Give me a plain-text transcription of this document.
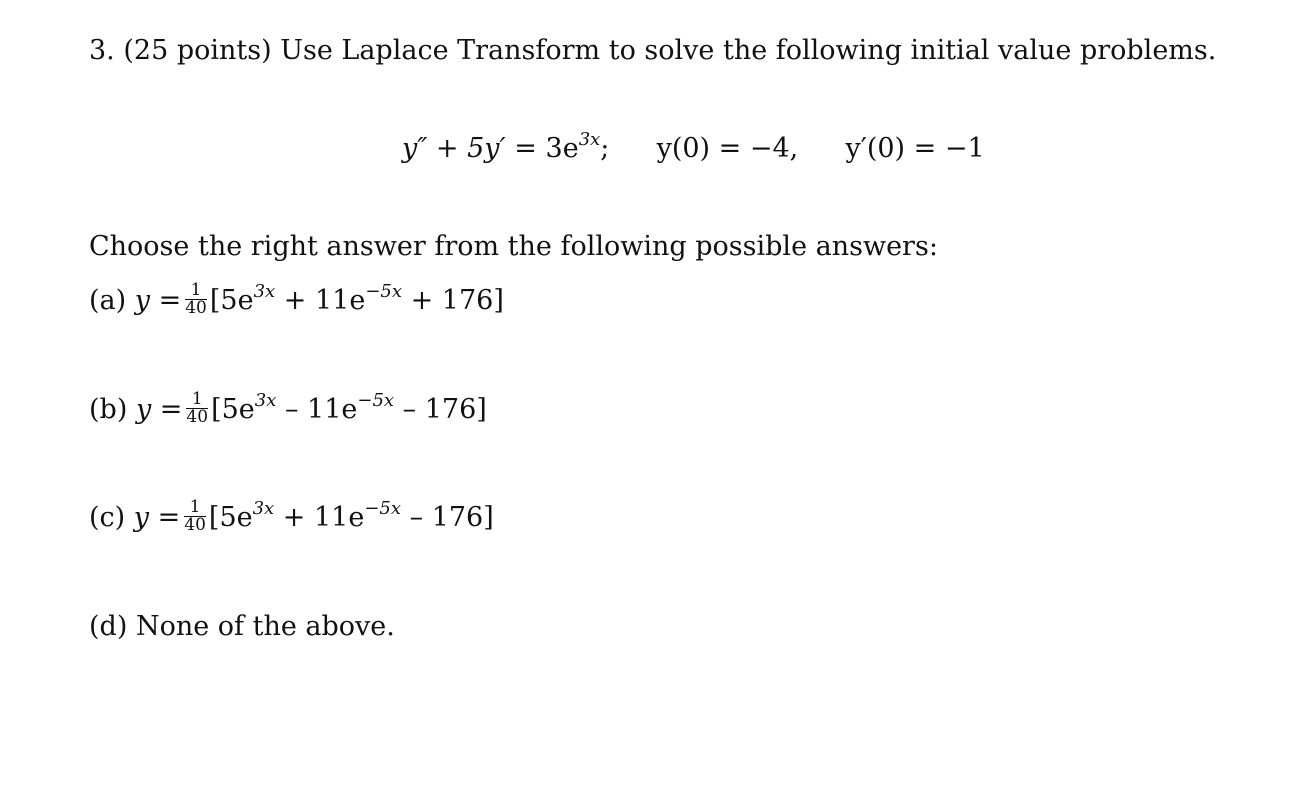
3. (25 points) Use Laplace Transform to solve the following initial value problems.
$y'' + 5y' = 3e^{3x}$; y(0) = −4, y′(0) = −1
Choose the right answer from the following possible answers:
(a) $y = \frac{1}{40} [5e^{3x} + 11e^{-5x} + 176]$
(b) $y = \frac{1}{40} [5e^{3x} - 11e^{-5x} - 176]$
(c) $y = \frac{1}{40} [5e^{3x} + 11e^{-5x} - 176]$
(d) None of the above.
